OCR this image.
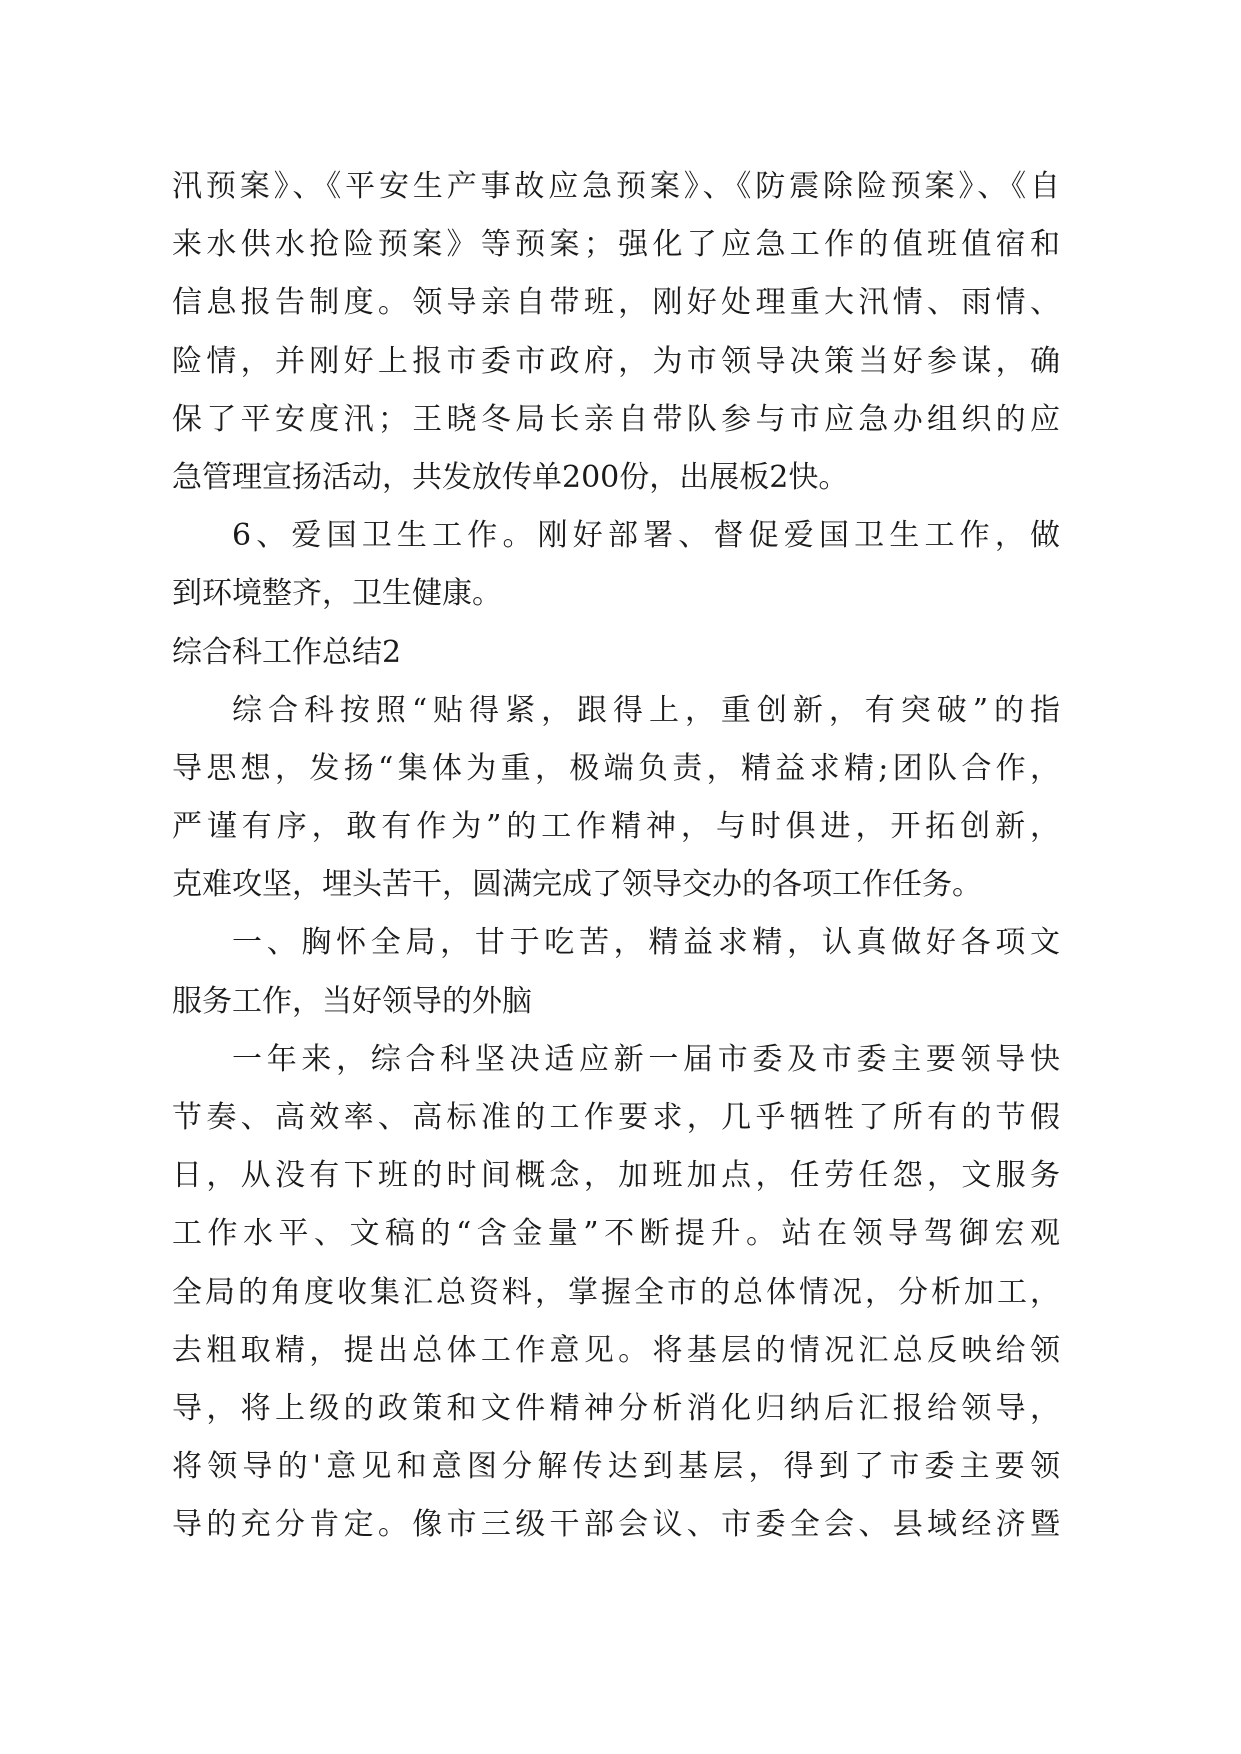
汛预案》、《平安生产事故应急预案》、《防震除险预案》、《自
来水供水抢险预案》等预案；强化了应急工作的值班值宿和
信息报告制度。领导亲自带班，刚好处理重大汛情、雨情、
险情，并刚好上报市委市政府，为市领导决策当好参谋，确
保了平安度汛；王晓冬局长亲自带队参与市应急办组织的应
急管理宣扬活动，共发放传单200份，出展板2快。
6、爱国卫生工作。刚好部署、督促爱国卫生工作，做
到环境整齐，卫生健康。
综合科工作总结2
综合科按照“贴得紧，跟得上，重创新，有突破”的指
导思想，发扬“集体为重，极端负责，精益求精;团队合作，
严谨有序，敢有作为”的工作精神，与时俱进，开拓创新，
克难攻坚，埋头苦干，圆满完成了领导交办的各项工作任务。
一、胸怀全局，甘于吃苦，精益求精，认真做好各项文
服务工作，当好领导的外脑
一年来，综合科坚决适应新一届市委及市委主要领导快
节奏、高效率、高标准的工作要求，几乎牺牲了所有的节假
日，从没有下班的时间概念，加班加点，任劳任怨，文服务
工作水平、文稿的“含金量”不断提升。站在领导驾御宏观
全局的角度收集汇总资料，掌握全市的总体情况，分析加工，
去粗取精，提出总体工作意见。将基层的情况汇总反映给领
导，将上级的政策和文件精神分析消化归纳后汇报给领导，
将领导的'意见和意图分解传达到基层，得到了市委主要领
导的充分肯定。像市三级干部会议、市委全会、县域经济暨
